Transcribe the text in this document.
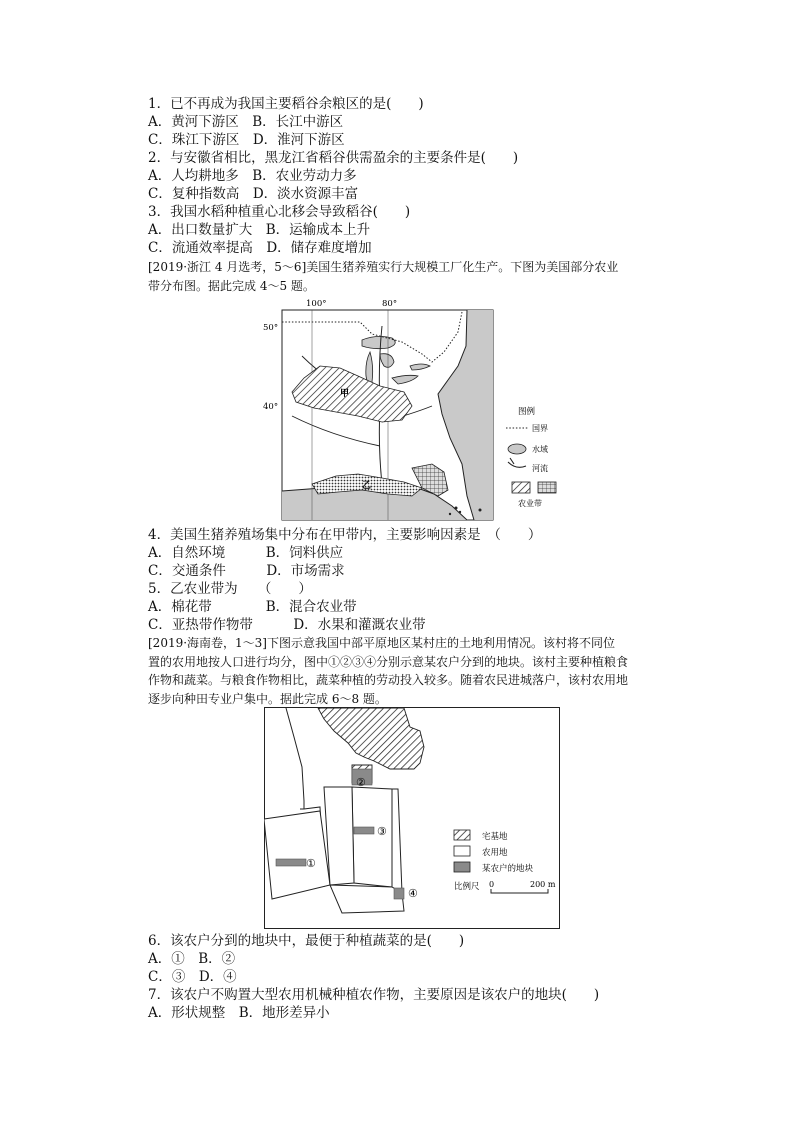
1．已不再成为我国主要稻谷余粮区的是(　　)
A．黄河下游区　B．长江中游区
C．珠江下游区　D．淮河下游区
2．与安徽省相比，黑龙江省稻谷供需盈余的主要条件是(　　)
A．人均耕地多　B．农业劳动力多
C．复种指数高　D．淡水资源丰富
3．我国水稻种植重心北移会导致稻谷(　　)
A．出口数量扩大　B．运输成本上升
C．流通效率提高　D．储存难度增加
[2019·浙江 4 月选考，5～6]美国生猪养殖实行大规模工厂化生产。下图为美国部分农业
带分布图。据此完成 4～5 题。
100°	80°
50°
40°
甲
乙
图例
国界
水域
河流
农业带
4．美国生猪养殖场集中分布在甲带内，主要影响因素是　（　　）
A．自然环境　　　B．饲料供应
C．交通条件　　　D．市场需求
5．乙农业带为　　（　　）
A．棉花带　　　　B．混合农业带
C．亚热带作物带　　　D．水果和灌溉农业带
[2019·海南卷，1～3]下图示意我国中部平原地区某村庄的土地利用情况。该村将不同位
置的农用地按人口进行均分，图中①②③④分别示意某农户分到的地块。该村主要种植粮食
作物和蔬菜。与粮食作物相比，蔬菜种植的劳动投入较多。随着农民进城落户，该村农用地
逐步向种田专业户集中。据此完成 6～8 题。
①
②
③
④
宅基地
农用地
某农户的地块
比例尺 0	200 m
6．该农户分到的地块中，最便于种植蔬菜的是(　　)
A．①　B．②
C．③　D．④
7．该农户不购置大型农用机械种植农作物，主要原因是该农户的地块(　　)
A．形状规整　B．地形差异小
